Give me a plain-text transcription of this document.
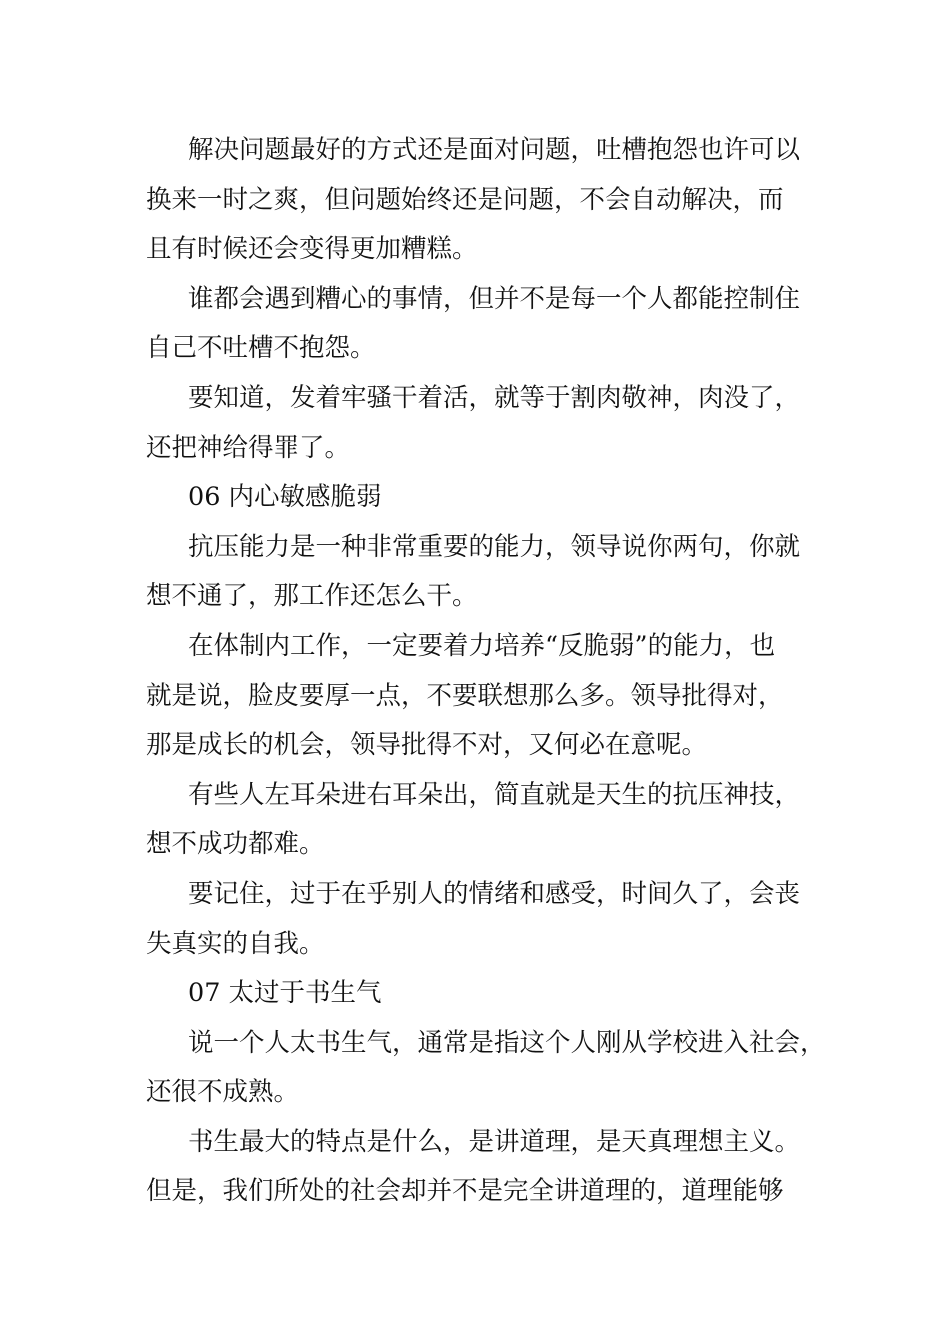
解决问题最好的方式还是面对问题，吐槽抱怨也许可以
换来一时之爽，但问题始终还是问题，不会自动解决，而
且有时候还会变得更加糟糕。

谁都会遇到糟心的事情，但并不是每一个人都能控制住
自己不吐槽不抱怨。

要知道，发着牢骚干着活，就等于割肉敬神，肉没了，
还把神给得罪了。

06 内心敏感脆弱

抗压能力是一种非常重要的能力，领导说你两句，你就
想不通了，那工作还怎么干。

在体制内工作，一定要着力培养“反脆弱”的能力，也
就是说，脸皮要厚一点，不要联想那么多。领导批得对，
那是成长的机会，领导批得不对，又何必在意呢。

有些人左耳朵进右耳朵出，简直就是天生的抗压神技，
想不成功都难。

要记住，过于在乎别人的情绪和感受，时间久了，会丧
失真实的自我。

07 太过于书生气

说一个人太书生气，通常是指这个人刚从学校进入社会，
还很不成熟。

书生最大的特点是什么，是讲道理，是天真理想主义。
但是，我们所处的社会却并不是完全讲道理的，道理能够
